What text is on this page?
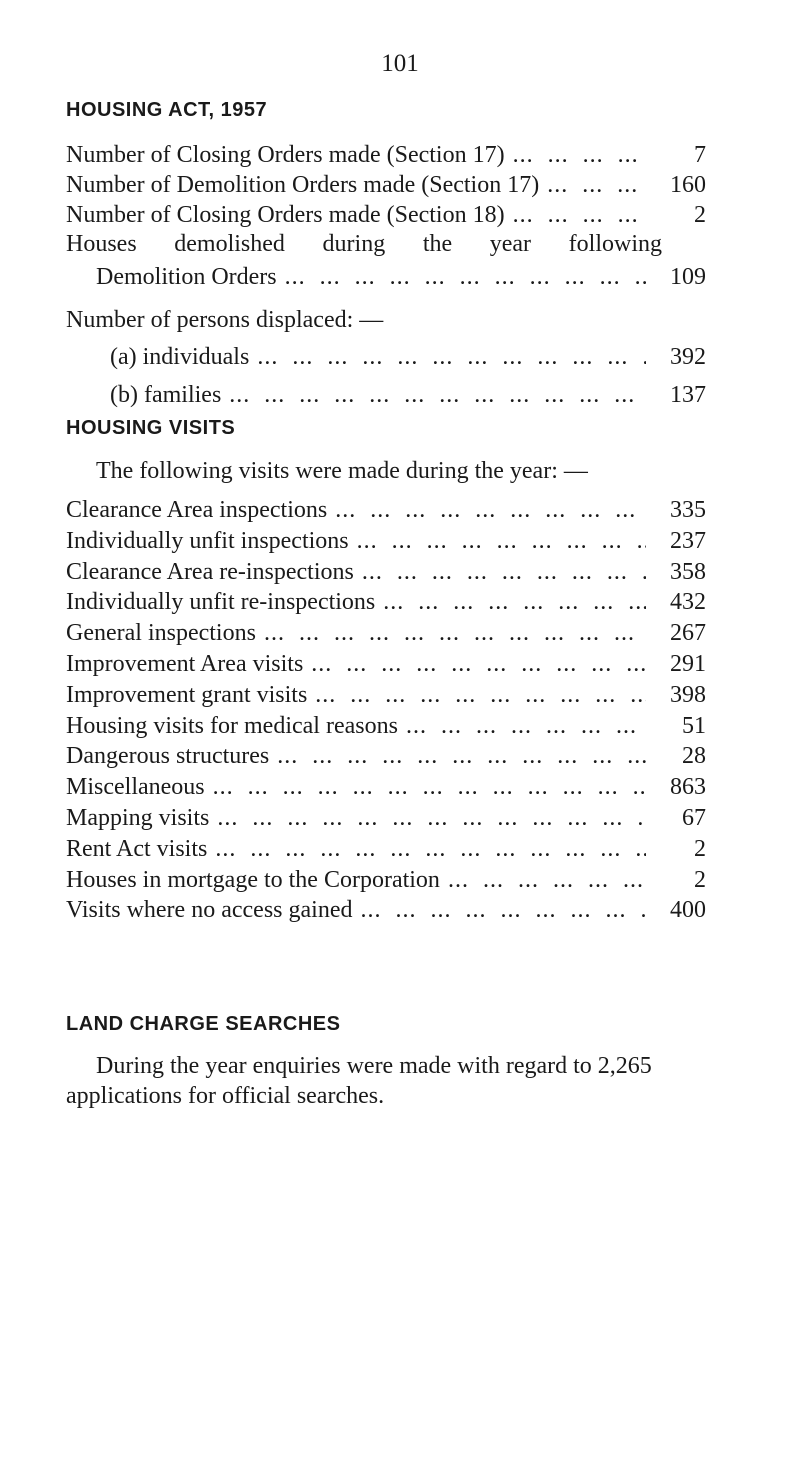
101
HOUSING ACT, 1957
Number of Closing Orders made (Section 17) ...	7
Number of Demolition Orders made (Section 17) ...	160
Number of Closing Orders made (Section 18) ...	2
Houses demolished during the year following
Demolition Orders ...	109
Number of persons displaced: —
(a) individuals ...	392
(b) families ...	137
HOUSING VISITS
The following visits were made during the year: —
Clearance Area inspections ...	335
Individually unfit inspections ...	237
Clearance Area re-inspections ...	358
Individually unfit re-inspections ...	432
General inspections ...	267
Improvement Area visits ...	291
Improvement grant visits ...	398
Housing visits for medical reasons ...	51
Dangerous structures ...	28
Miscellaneous ...	863
Mapping visits ...	67
Rent Act visits ...	2
Houses in mortgage to the Corporation ...	2
Visits where no access gained ...	400
LAND CHARGE SEARCHES
During the year enquiries were made with regard to 2,265
applications for official searches.
